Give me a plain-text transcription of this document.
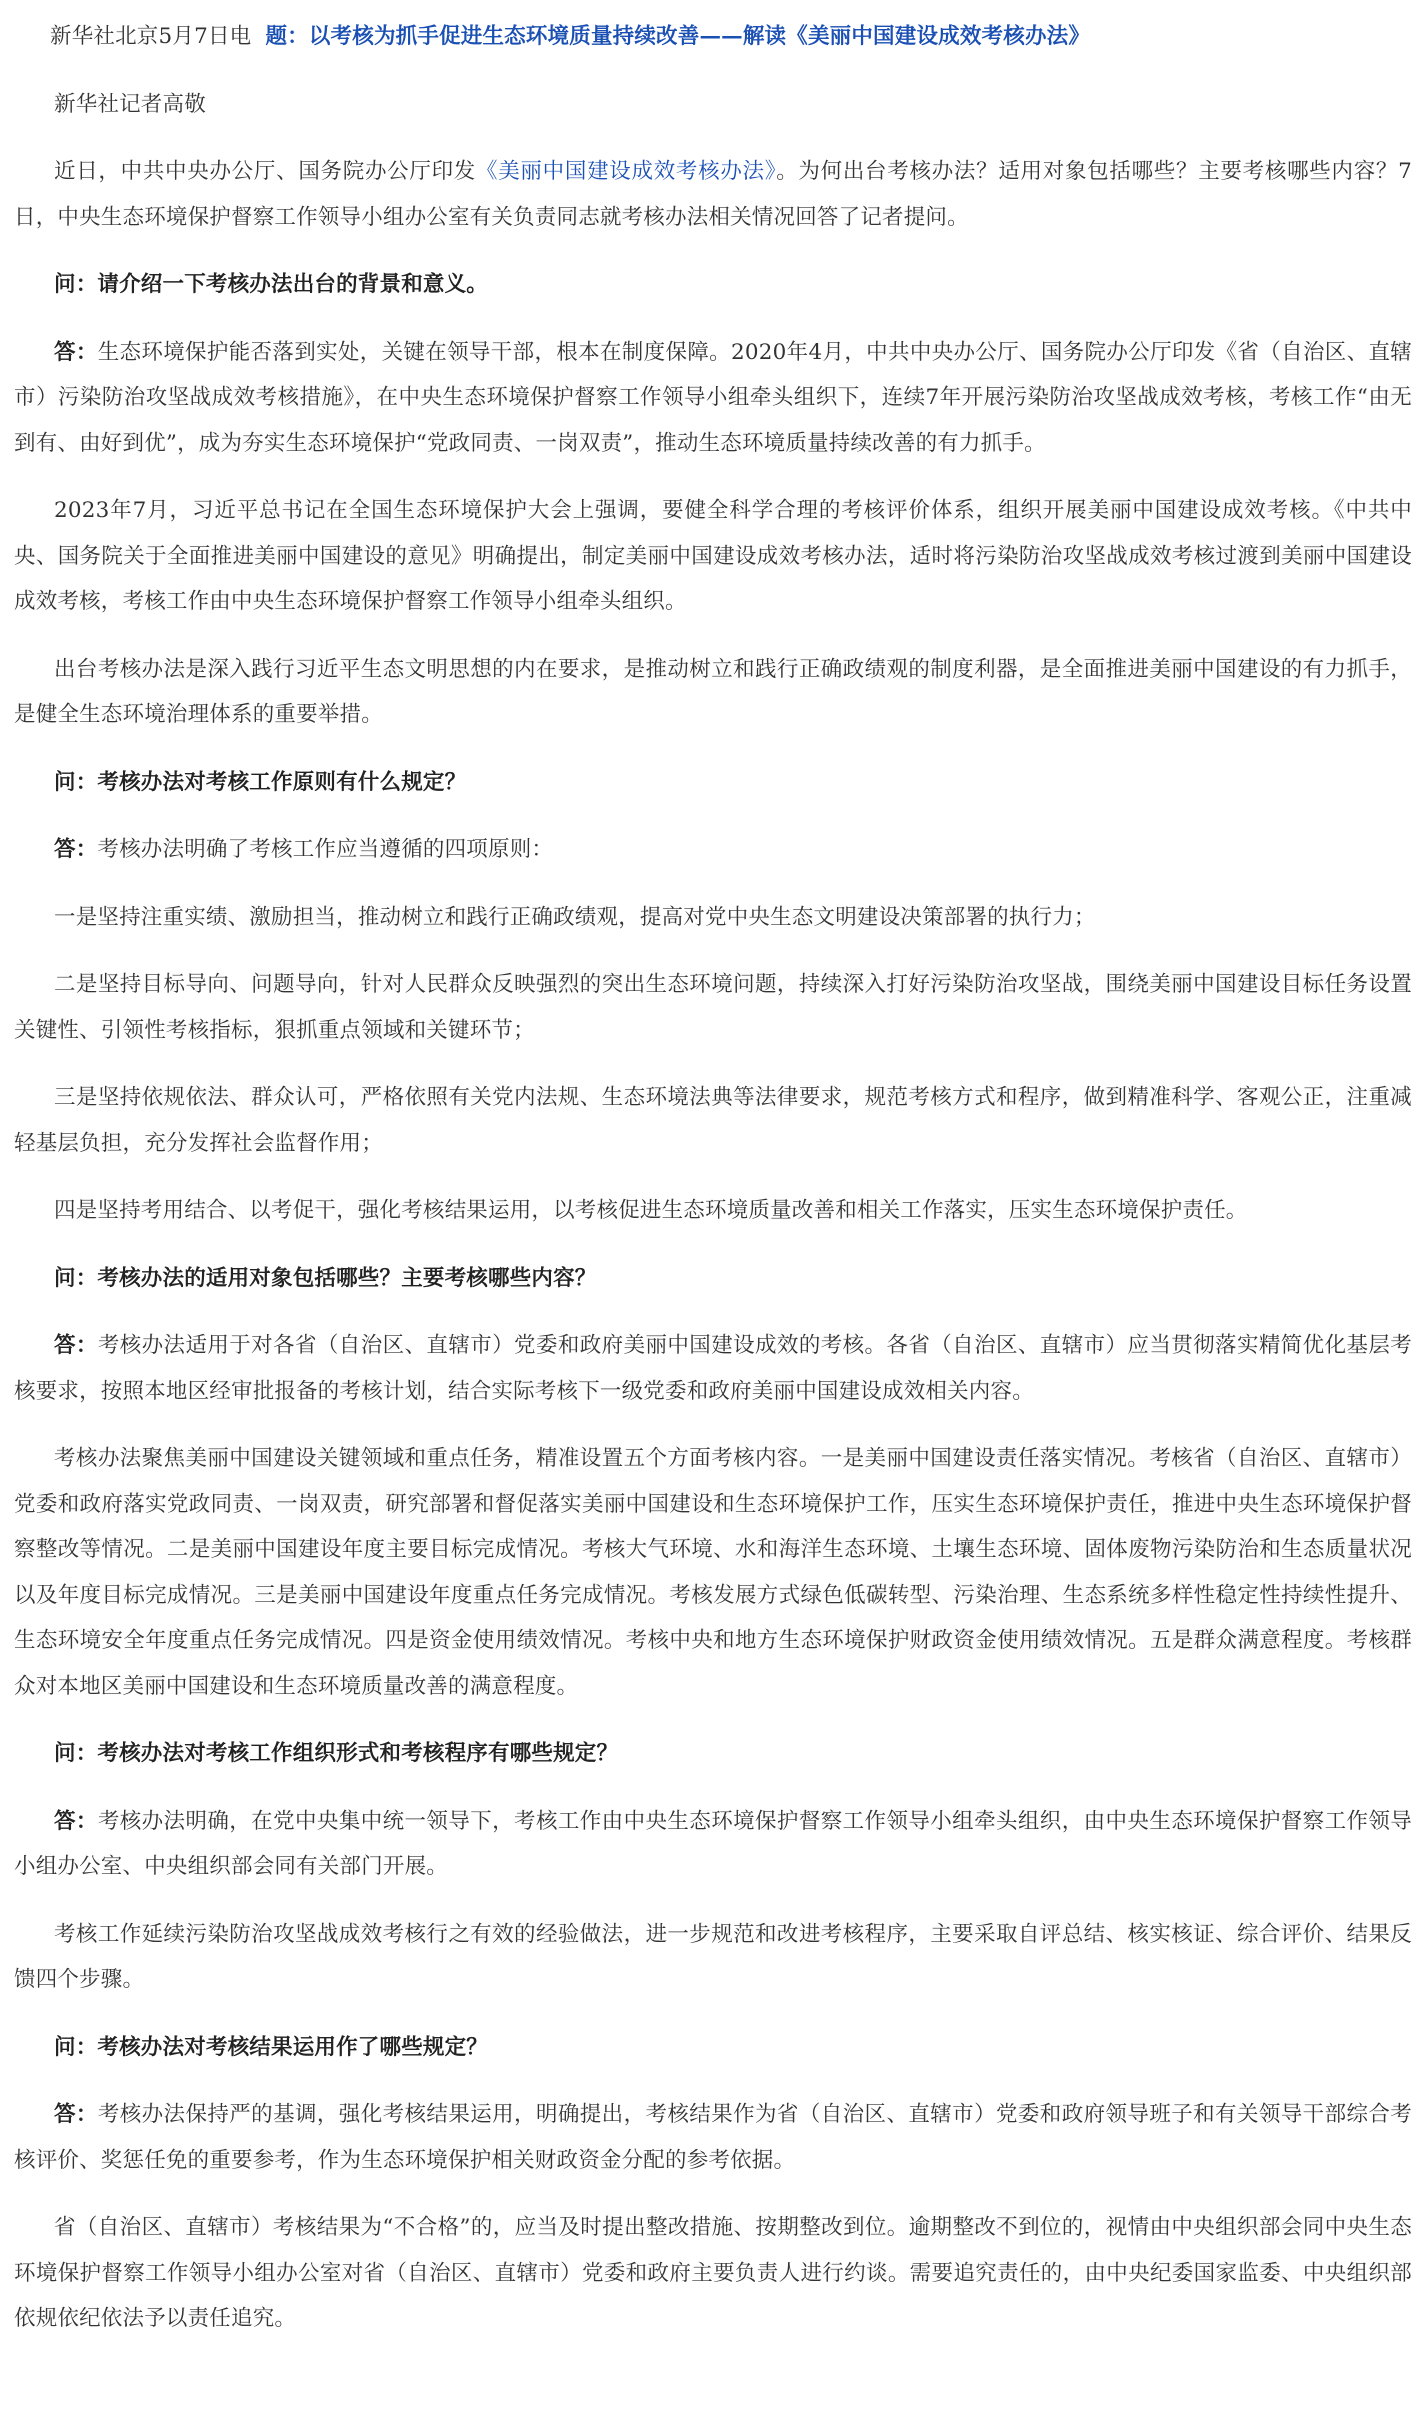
新华社北京5月7日电 题：以考核为抓手促进生态环境质量持续改善——解读《美丽中国建设成效考核办法》

新华社记者高敬

近日，中共中央办公厅、国务院办公厅印发《美丽中国建设成效考核办法》。为何出台考核办法？适用对象包括哪些？主要考核哪些内容？7日，中央生态环境保护督察工作领导小组办公室有关负责同志就考核办法相关情况回答了记者提问。

问：请介绍一下考核办法出台的背景和意义。

答：生态环境保护能否落到实处，关键在领导干部，根本在制度保障。2020年4月，中共中央办公厅、国务院办公厅印发《省（自治区、直辖市）污染防治攻坚战成效考核措施》，在中央生态环境保护督察工作领导小组牵头组织下，连续7年开展污染防治攻坚战成效考核，考核工作“由无到有、由好到优”，成为夯实生态环境保护“党政同责、一岗双责”，推动生态环境质量持续改善的有力抓手。

2023年7月，习近平总书记在全国生态环境保护大会上强调，要健全科学合理的考核评价体系，组织开展美丽中国建设成效考核。《中共中央、国务院关于全面推进美丽中国建设的意见》明确提出，制定美丽中国建设成效考核办法，适时将污染防治攻坚战成效考核过渡到美丽中国建设成效考核，考核工作由中央生态环境保护督察工作领导小组牵头组织。

出台考核办法是深入践行习近平生态文明思想的内在要求，是推动树立和践行正确政绩观的制度利器，是全面推进美丽中国建设的有力抓手，是健全生态环境治理体系的重要举措。

问：考核办法对考核工作原则有什么规定？

答：考核办法明确了考核工作应当遵循的四项原则：

一是坚持注重实绩、激励担当，推动树立和践行正确政绩观，提高对党中央生态文明建设决策部署的执行力；

二是坚持目标导向、问题导向，针对人民群众反映强烈的突出生态环境问题，持续深入打好污染防治攻坚战，围绕美丽中国建设目标任务设置关键性、引领性考核指标，狠抓重点领域和关键环节；

三是坚持依规依法、群众认可，严格依照有关党内法规、生态环境法典等法律要求，规范考核方式和程序，做到精准科学、客观公正，注重减轻基层负担，充分发挥社会监督作用；

四是坚持考用结合、以考促干，强化考核结果运用，以考核促进生态环境质量改善和相关工作落实，压实生态环境保护责任。

问：考核办法的适用对象包括哪些？主要考核哪些内容？

答：考核办法适用于对各省（自治区、直辖市）党委和政府美丽中国建设成效的考核。各省（自治区、直辖市）应当贯彻落实精简优化基层考核要求，按照本地区经审批报备的考核计划，结合实际考核下一级党委和政府美丽中国建设成效相关内容。

考核办法聚焦美丽中国建设关键领域和重点任务，精准设置五个方面考核内容。一是美丽中国建设责任落实情况。考核省（自治区、直辖市）党委和政府落实党政同责、一岗双责，研究部署和督促落实美丽中国建设和生态环境保护工作，压实生态环境保护责任，推进中央生态环境保护督察整改等情况。二是美丽中国建设年度主要目标完成情况。考核大气环境、水和海洋生态环境、土壤生态环境、固体废物污染防治和生态质量状况以及年度目标完成情况。三是美丽中国建设年度重点任务完成情况。考核发展方式绿色低碳转型、污染治理、生态系统多样性稳定性持续性提升、生态环境安全年度重点任务完成情况。四是资金使用绩效情况。考核中央和地方生态环境保护财政资金使用绩效情况。五是群众满意程度。考核群众对本地区美丽中国建设和生态环境质量改善的满意程度。

问：考核办法对考核工作组织形式和考核程序有哪些规定？

答：考核办法明确，在党中央集中统一领导下，考核工作由中央生态环境保护督察工作领导小组牵头组织，由中央生态环境保护督察工作领导小组办公室、中央组织部会同有关部门开展。

考核工作延续污染防治攻坚战成效考核行之有效的经验做法，进一步规范和改进考核程序，主要采取自评总结、核实核证、综合评价、结果反馈四个步骤。

问：考核办法对考核结果运用作了哪些规定？

答：考核办法保持严的基调，强化考核结果运用，明确提出，考核结果作为省（自治区、直辖市）党委和政府领导班子和有关领导干部综合考核评价、奖惩任免的重要参考，作为生态环境保护相关财政资金分配的参考依据。

省（自治区、直辖市）考核结果为“不合格”的，应当及时提出整改措施、按期整改到位。逾期整改不到位的，视情由中央组织部会同中央生态环境保护督察工作领导小组办公室对省（自治区、直辖市）党委和政府主要负责人进行约谈。需要追究责任的，由中央纪委国家监委、中央组织部依规依纪依法予以责任追究。
